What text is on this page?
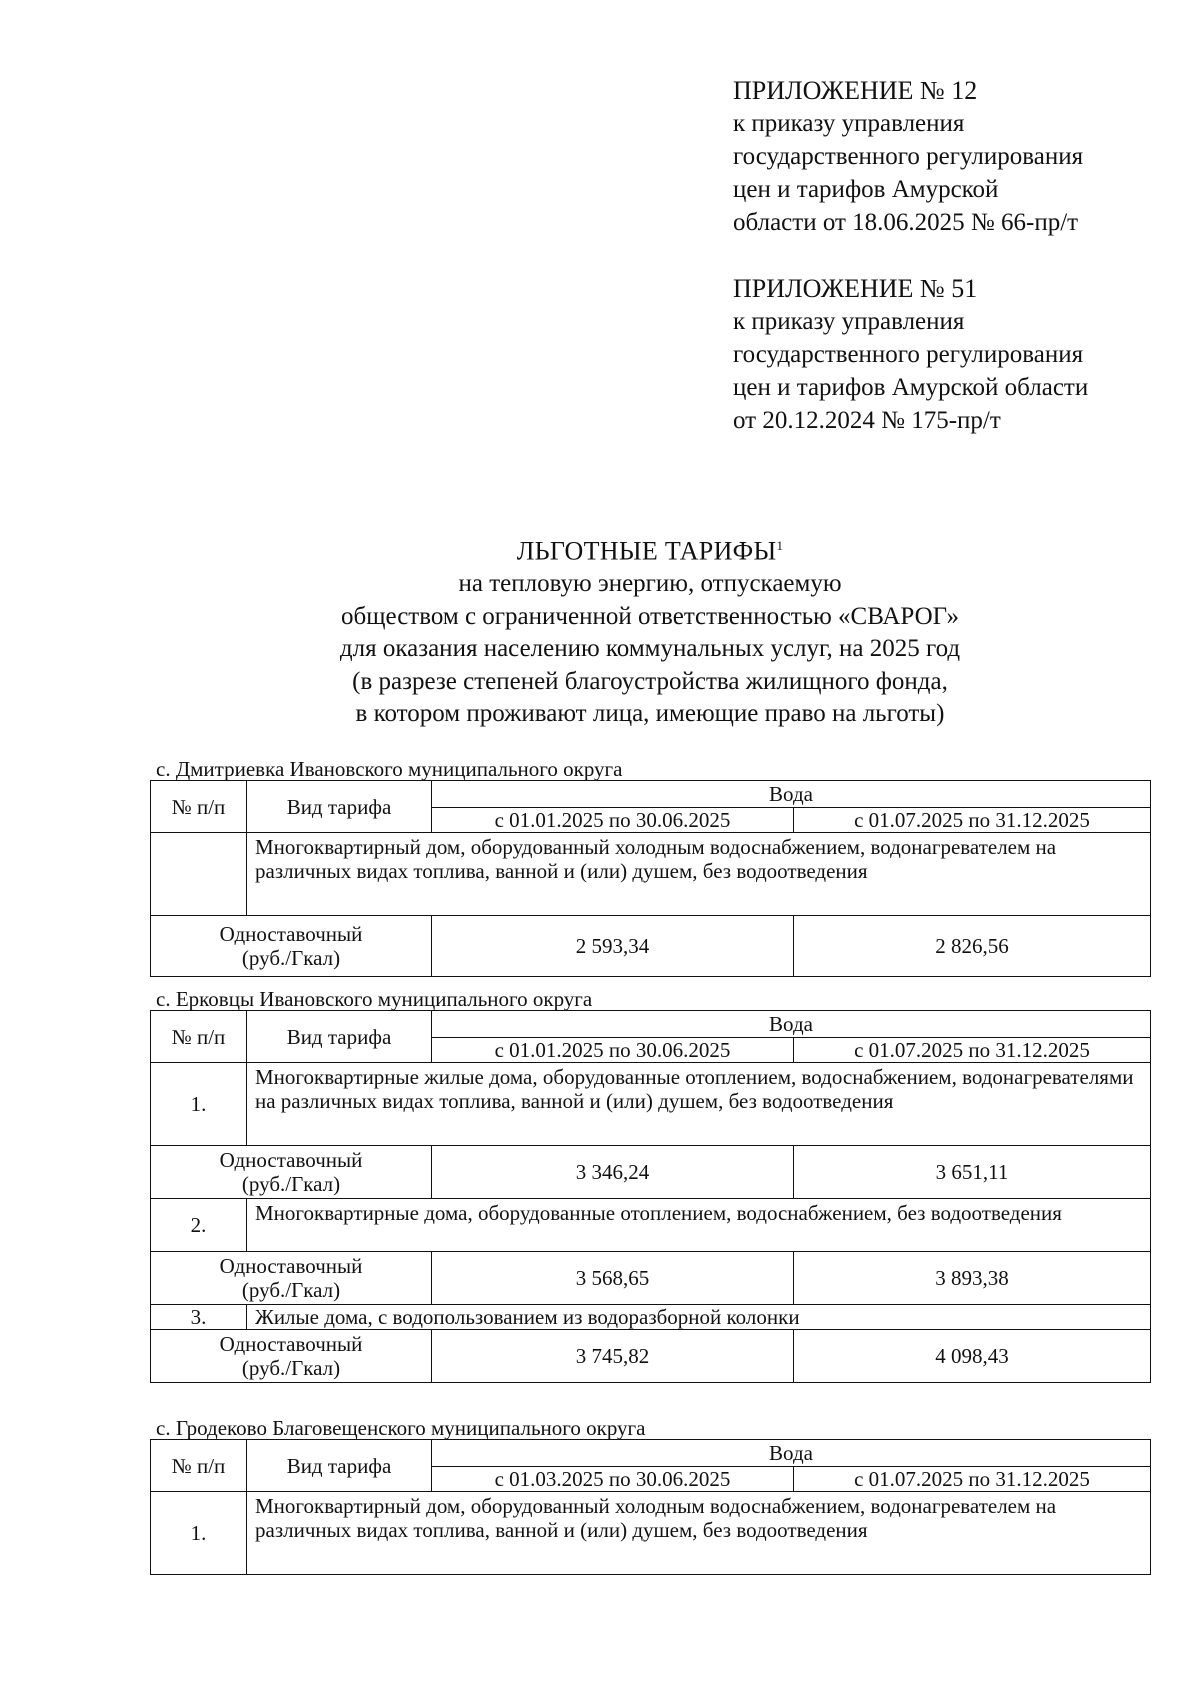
ПРИЛОЖЕНИЕ № 12
к приказу управления
государственного регулирования
цен и тарифов Амурской
области от 18.06.2025 № 66-пр/т
ПРИЛОЖЕНИЕ № 51
к приказу управления
государственного регулирования
цен и тарифов Амурской области
от 20.12.2024 № 175-пр/т
ЛЬГОТНЫЕ ТАРИФЫ$^1$
на тепловую энергию, отпускаемую
обществом с ограниченной ответственностью «СВАРОГ»
для оказания населению коммунальных услуг, на 2025 год
(в разрезе степеней благоустройства жилищного фонда,
в котором проживают лица, имеющие право на льготы)
с. Дмитриевка Ивановского муниципального округа
№ п/п	Вид тарифа	Вода	
		с 01.01.2025 по 30.06.2025	с 01.07.2025 по 31.12.2025
	Многоквартирный дом, оборудованный холодным водоснабжением, водонагревателем на различных видах топлива, ванной и (или) душем, без водоотведения		

Одноставочный
(руб./Гкал)		2 593,34	2 826,56
с. Ерковцы Ивановского муниципального округа
№ п/п	Вид тарифа	Вода	
		с 01.01.2025 по 30.06.2025	с 01.07.2025 по 31.12.2025
1.	Многоквартирные жилые дома, оборудованные отоплением, водоснабжением, водонагревателями на различных видах топлива, ванной и (или) душем, без водоотведения		

Одноставочный
(руб./Гкал)		3 346,24	3 651,11
2.	Многоквартирные дома, оборудованные отоплением, водоснабжением, без водоотведения		

Одноставочный
(руб./Гкал)		3 568,65	3 893,38
3.	Жилые дома, с водопользованием из водоразборной колонки		

Одноставочный
(руб./Гкал)		3 745,82	4 098,43
с. Гродеково Благовещенского муниципального округа
№ п/п	Вид тарифа	Вода	
		с 01.03.2025 по 30.06.2025	с 01.07.2025 по 31.12.2025
1.	Многоквартирный дом, оборудованный холодным водоснабжением, водонагревателем на различных видах топлива, ванной и (или) душем, без водоотведения		
